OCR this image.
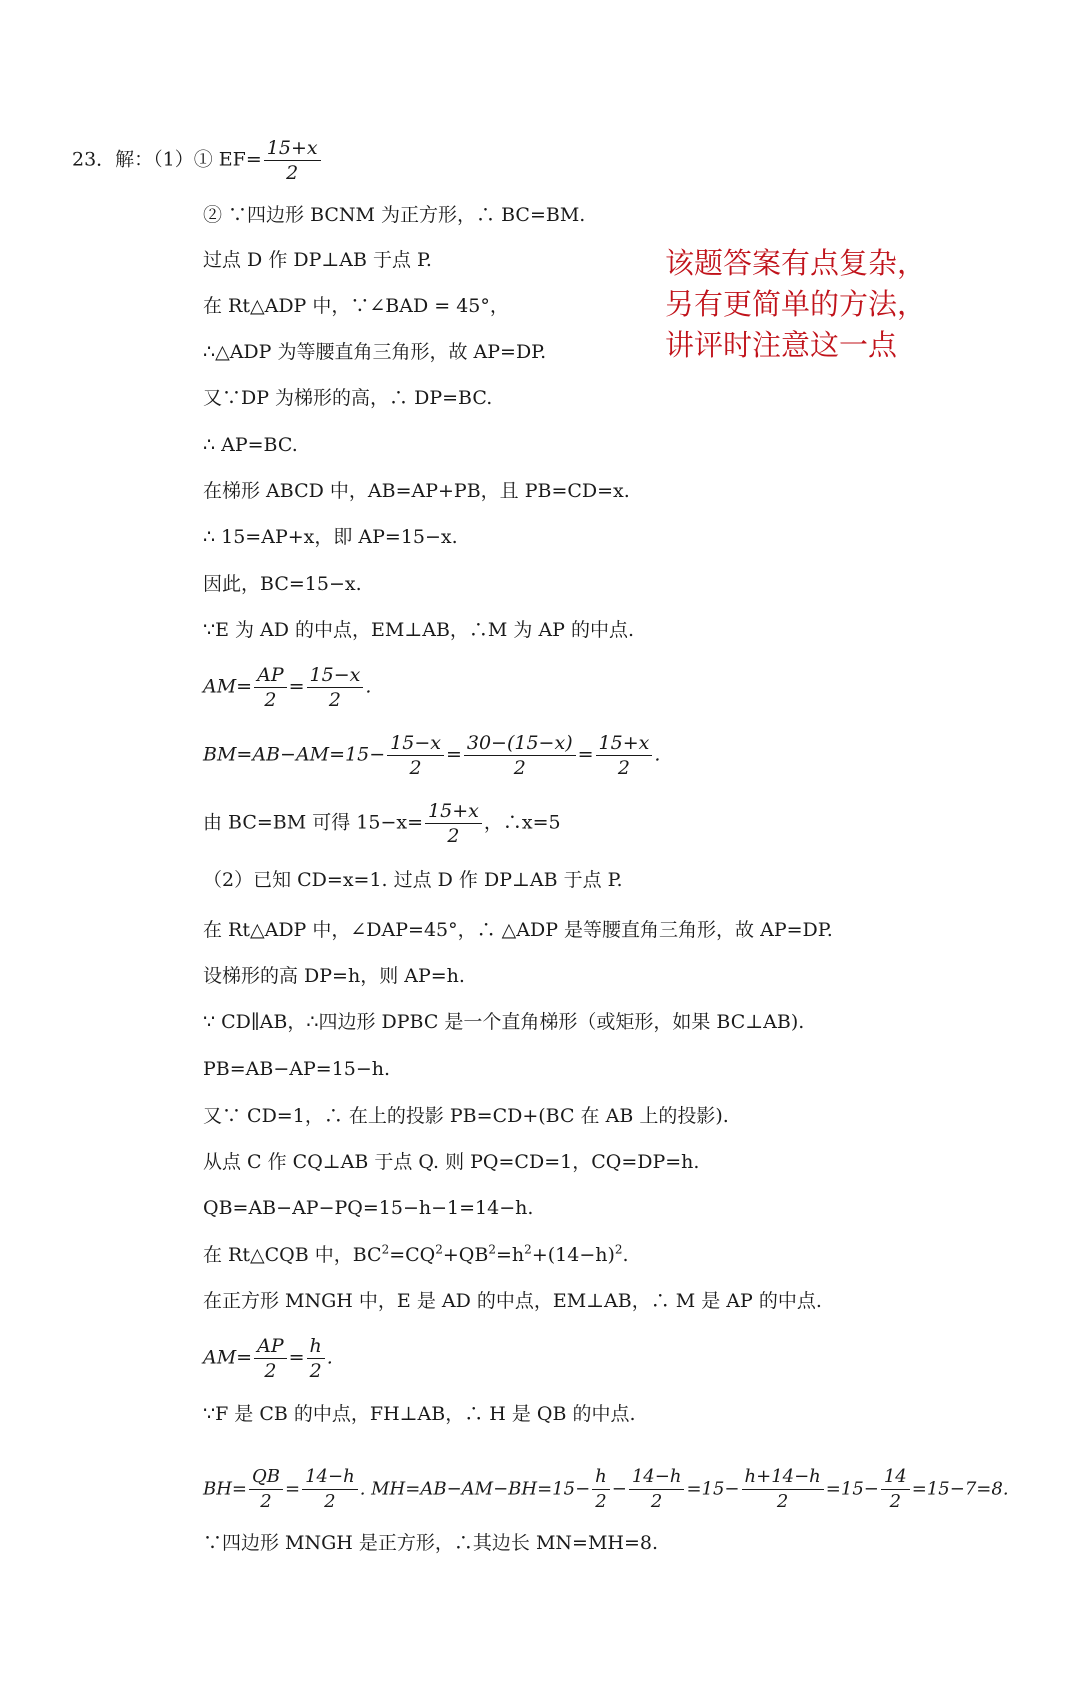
23．解：（1）① $EF= \frac{15+x}{2}$
② ∵四边形 BCNM 为正方形，∴ BC=BM.
过点 D 作 DP⊥AB 于点 P.
在 Rt△ADP 中，∵∠BAD = 45°，
∴△ADP 为等腰直角三角形，故 AP=DP.
又∵DP 为梯形的高，∴ DP=BC.
∴ AP=BC.
在梯形 ABCD 中，AB=AP+PB，且 PB=CD=x.
∴ 15=AP+x，即 AP=15−x.
因此，BC=15−x.
∵E 为 AD 的中点，EM⊥AB，∴M 为 AP 的中点.
$AM= \frac{AP}{2} = \frac{15-x}{2}$ .
$BM=AB-AM=15- \frac{15-x}{2} = \frac{30-(15-x)}{2} = \frac{15+x}{2}$ .
由 BC=BM 可得 $15-x= \frac{15+x}{2}$ ，∴x=5
（2）已知 CD=x=1. 过点 D 作 DP⊥AB 于点 P.
在 Rt△ADP 中，∠DAP=45°，∴ △ADP 是等腰直角三角形，故 AP=DP.
设梯形的高 DP=h，则 AP=h.
∵ CD∥AB，∴四边形 DPBC 是一个直角梯形（或矩形，如果 BC⊥AB).
PB=AB−AP=15−h.
又∵ CD=1，∴ 在上的投影 PB=CD+(BC 在 AB 上的投影).
从点 C 作 CQ⊥AB 于点 Q. 则 PQ=CD=1，CQ=DP=h.
QB=AB−AP−PQ=15−h−1=14−h.
在 Rt△CQB 中，$BC^2=CQ^2+QB^2=h^2+(14-h)^2$.
在正方形 MNGH 中，E 是 AD 的中点，EM⊥AB，∴ M 是 AP 的中点.
$AM= \frac{AP}{2} = \frac{h}{2}$ .
∵F 是 CB 的中点，FH⊥AB，∴ H 是 QB 的中点.
$BH= \frac{QB}{2} = \frac{14-h}{2}$ . $MH=AB-AM-BH=15- \frac{h}{2} - \frac{14-h}{2} =15- \frac{h+14-h}{2} =15- \frac{14}{2} =15-7=8$.
∵四边形 MNGH 是正方形，∴其边长 MN=MH=8.
该题答案有点复杂，
另有更简单的方法，
讲评时注意这一点
